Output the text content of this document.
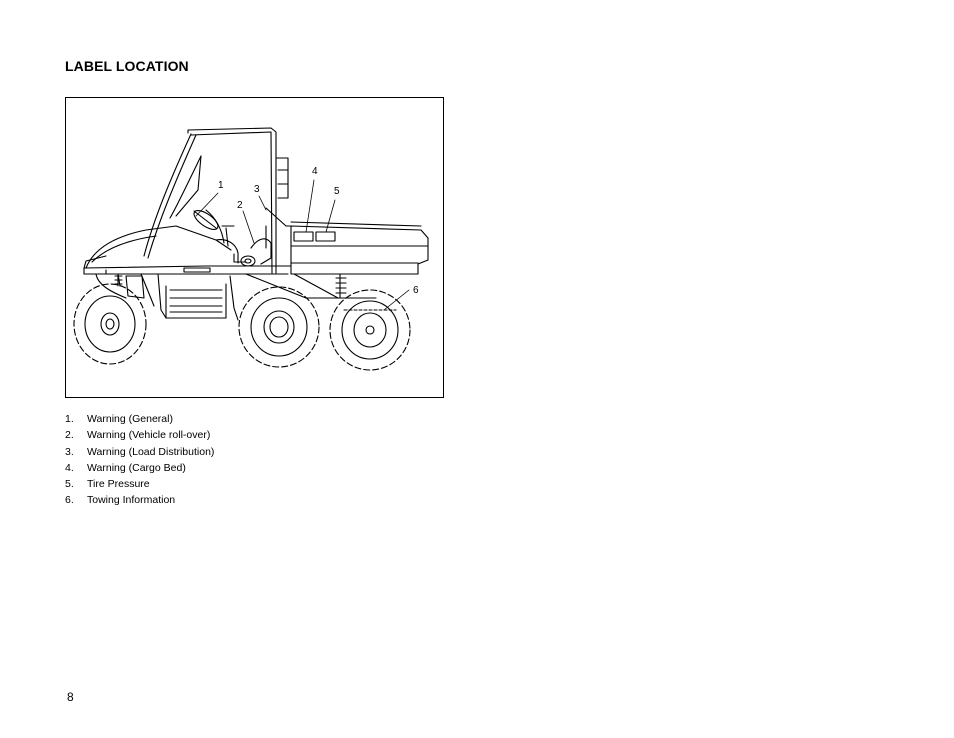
LABEL LOCATION
1
2
3
4
5
6
1.	Warning (General)
2.	Warning (Vehicle roll-over)
3.	Warning (Load Distribution)
4.	Warning (Cargo Bed)
5.	Tire Pressure
6.	Towing Information
8
